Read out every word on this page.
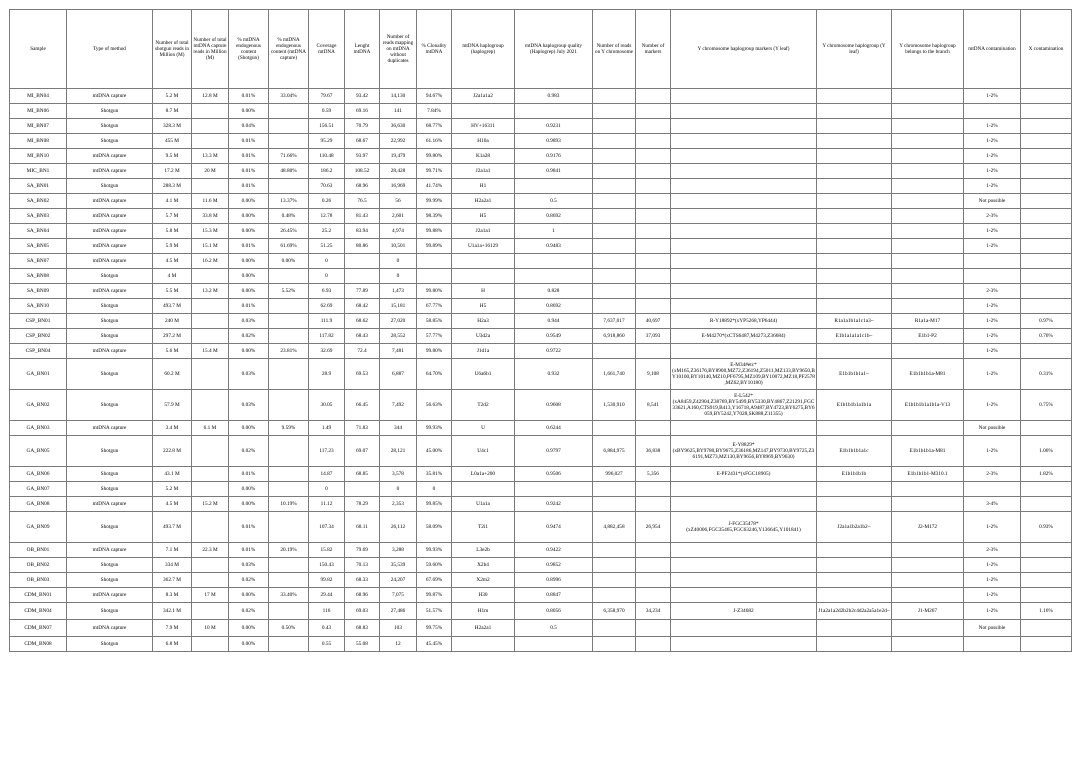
Sample	Type of method	Number of total shotgun reads in Million (M)	Number of total mtDNA capture reads in Million (M)	% mtDNA endogenous content (Shotgun)	% mtDNA endogenous content (mtDNA capture)	Coverage mtDNA	Lenght mtDNA	Number of reads mapping on mtDNA without duplicates	% Clonality mtDNA	mtDNA haplogroup (haplogrep)	mtDNA haplogroup quality (Haplogrep) July 2021	Number of reads on Y chromosome	Number of markers	Y chromosome haplogroup markers (Y leaf)	Y chromosome haplogroup (Y leaf)	Y chromosome haplogroup belongs to the branch	mtDNA contamination	X contamination
MI_BN04	mtDNA capture	5.2 M	12.8 M	0.01%	33.04%	79.67	93.42	14,130	94.67%	J2a1a1a2	0.983						1-2%	
MI_BN06	Shotgun	8.7 M		0.00%		0.59	69.16	141	7.84%									
MI_BN07	Shotgun	328.3 M		0.04%		156.51	70.79	36,630	68.77%	HV+16311	0.9231						1-2%	
MI_BN08	Shotgun	455 M		0.01%		95.29	68.67	22,992	61.16%	H10a	0.9893						1-2%	
MI_BN10	mtDNA capture	9.5 M	13.3 M	0.01%	71.66%	110.48	93.97	19,479	99.80%	K1a28	0.9176						1-2%	
MIC_BN1	mtDNA capture	17.2 M	20 M	0.01%	48.80%	186.2	108.52	28,428	99.71%	J2a1a1	0.9841						1-2%	
SA_BN01	Shotgun	288.3 M		0.01%		70.63	68.96	16,969	41.74%	H1							1-2%	
SA_BN02	mtDNA capture	4.1 M	11.6 M	0.00%	13.37%	0.26	76.5	56	99.99%	H2a2a1	0.5						Not possible	
SA_BN03	mtDNA capture	5.7 M	33.8 M	0.00%	0.48%	12.78	81.43	2,601	98.39%	H5	0.8692						2-3%	
SA_BN04	mtDNA capture	5.8 M	15.3 M	0.00%	26.45%	25.2	83.94	4,974	99.88%	J2a1a1	1						1-2%	
SA_BN05	mtDNA capture	5.9 M	15.1 M	0.01%	61.69%	51.25	80.86	10,501	99.89%	U1a1a+16129	0.9483						1-2%	
SA_BN07	mtDNA capture	4.5 M	16.2 M	0.00%	0.00%	0		0										
SA_BN08	Shotgun	4 M		0.00%		0		0										
SA_BN09	mtDNA capture	5.5 M	13.2 M	0.00%	5.52%	6.93	77.89	1,473	99.80%	H	0.828						2-3%	
SA_BN10	Shotgun	493.7 M		0.01%		62.69	68.42	15,181	67.77%	H5	0.8692						1-2%	
CSP_BN01	Shotgun	240 M		0.03%		111.9	68.62	27,020	58.85%	H2a3	0.944	7,637,017	40,697	R-Y18892*(xYP5268,YP6444)	R1a1a1b1a1c1a3~	R1a1a-M17	1-2%	0.97%
CSP_BN02	Shotgun	297.2 M		0.02%		117.82	68.43	28,552	57.77%	U3d2a	0.9549	6,918,860	37,093	E-M4270*(xCTS6487,M4273,Z36684)	E1b1a1a1a1c1b~	E1b1-P2	1-2%	0.76%
CSP_BN04	mtDNA capture	5.6 M	15.4 M	0.00%	23.81%	32.69	72.4	7,481	99.80%	J1d1a	0.9722						1-2%	
GA_BN01	Shotgun	60.2 M		0.03%		28.9	69.53	6,887	64.70%	U6a6b1	0.932	1,661,740	9,108	E-M34#etc*(xM165,Z36176,BY8900,MZ72,Z36194,Z5011,MZ133,BY9650,BY10100,BY10140,MZ10,PF6795,MZ109,BY10072,MZ18,PF2578,MZ62,BY10180)	E1b1b1b1a1~	E1b1b1b1a-M81	1-2%	0.31%
GA_BN02	Shotgun	57.9 M		0.03%		30.05	66.45	7,492	56.63%	T2d2	0.9608	1,530,910	8,541	E-L542*(xA8459,Z42904,Z38769,BY5499,BY5330,BY4867,Z21291,FGC33621,A160,CTS919,B413,Y16718,A9487,BY4723,BY6275,BY6059,BY5242,Y7028,SK888,Z11355)	E1b1b1b1a1b1a	E1b1b1b1a1b1a-V13	1-2%	0.75%
GA_BN03	mtDNA capture	3.4 M	6.1 M	0.00%	9.59%	1.49	71.83	344	99.93%	U	0.6244						Not possible	
GA_BN05	Shotgun	222.8 M		0.02%		117.23	69.07	28,121	45.00%	U4c1	0.9797	6,884,975	36,838	E-Y8829*(xBY9625,BY9780,BY9675,Z36186,MZ147,BY9730,BY9725,Z36191,MZ73,MZ130,BY9656,BY8969,BY9630)	E1b1b1b1a1c	E1b1b1b1a-M81	1-2%	1.06%
GA_BN06	Shotgun	43.1 M		0.01%		14.87	68.85	3,578	35.81%	L0a1a+200	0.9506	996,027	5,356	E-PF2431*(xFGC18905)	E1b1b1b1b	E1b1b1b1-M310.1	2-3%	1.82%
GA_BN07	Shotgun	5.2 M		0.00%		0		0	0									
GA_BN08	mtDNA capture	4.5 M	15.2 M	0.00%	10.19%	11.12	78.29	2,353	99.85%	U1a1a	0.9242						3-4%	
GA_BN09	Shotgun	493.7 M		0.01%		107.34	68.11	26,112	58.09%	T2i1	0.9474	4,882,458	26,954	J-FGC35478*(xZ40006,FGC35465,FGC63246,Y136645,Y101841)	J2a1a1b2a1b2~	J2-M172	1-2%	0.93%
OB_BN01	mtDNA capture	7.1 M	22.3 M	0.01%	20.19%	15.82	79.69	3,288	99.93%	L3e2b	0.9422						2-3%	
OB_BN02	Shotgun	334 M		0.03%		150.43	70.13	35,539	59.60%	X2b4	0.9852						1-2%	
OB_BN03	Shotgun	362.7 M		0.02%		99.82	68.33	24,207	67.69%	X2m2	0.8996						1-2%	
CDM_BN01	mtDNA capture	8.3 M	17 M	0.00%	33.40%	29.44	68.96	7,075	99.87%	H30	0.8847						1-2%	
CDM_BN04	Shotgun	342.1 M		0.02%		116	69.03	27,486	51.57%	H1m	0.8056	6,358,970	34,234	J-Z34682	J1a2a1a2d2b2b2c4d2a2a5a1e2d~	J1-M267	1-2%	1.16%
CDM_BN07	mtDNA capture	7.9 M	10 M	0.00%	0.50%	0.43	68.83	103	99.75%	H2a2a1	0.5						Not possible	
CDM_BN08	Shotgun	6.8 M		0.00%		0.55	55.08	12	45.45%									
